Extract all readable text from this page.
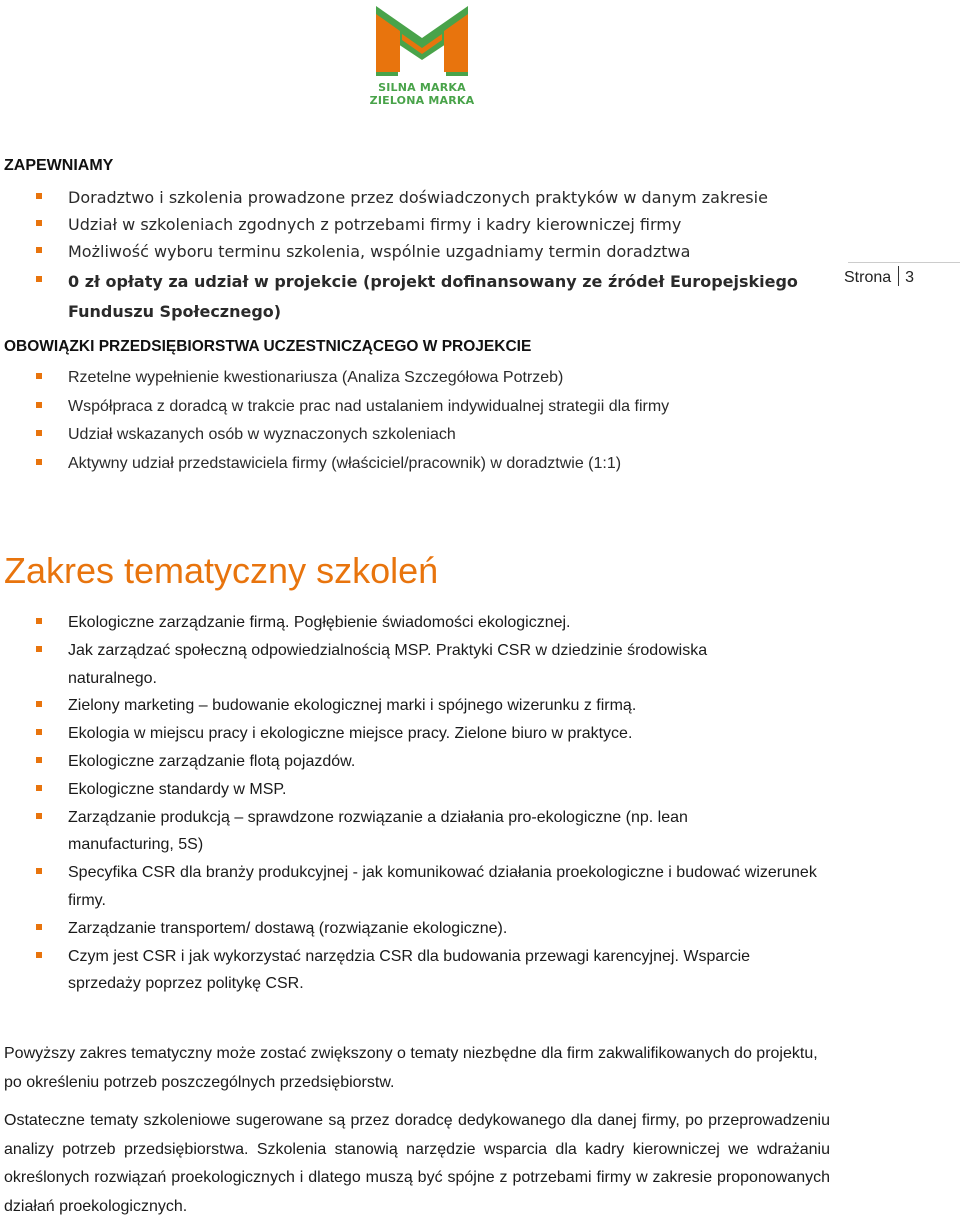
SILNA MARKA
ZIELONA MARKA
Strona 3
ZAPEWNIAMY
Doradztwo i szkolenia prowadzone przez doświadczonych praktyków w danym zakresie
Udział w szkoleniach zgodnych z potrzebami firmy i kadry kierowniczej firmy
Możliwość wyboru terminu szkolenia, wspólnie uzgadniamy termin doradztwa
0 zł opłaty za udział w projekcie (projekt dofinansowany ze źródeł Europejskiego Funduszu Społecznego)
OBOWIĄZKI PRZEDSIĘBIORSTWA UCZESTNICZĄCEGO W PROJEKCIE
Rzetelne wypełnienie kwestionariusza (Analiza Szczegółowa Potrzeb)
Współpraca z doradcą w trakcie prac nad ustalaniem indywidualnej strategii dla firmy
Udział wskazanych osób w wyznaczonych szkoleniach
Aktywny udział przedstawiciela firmy (właściciel/pracownik) w doradztwie (1:1)
Zakres tematyczny szkoleń
Ekologiczne zarządzanie firmą. Pogłębienie świadomości ekologicznej.
Jak zarządzać społeczną odpowiedzialnością MSP. Praktyki CSR w dziedzinie środowiska naturalnego.
Zielony marketing – budowanie ekologicznej marki i spójnego wizerunku z firmą.
Ekologia w miejscu pracy i ekologiczne miejsce pracy. Zielone biuro w praktyce.
Ekologiczne zarządzanie flotą pojazdów.
Ekologiczne standardy w MSP.
Zarządzanie produkcją – sprawdzone rozwiązanie a działania pro-ekologiczne (np. lean manufacturing, 5S)
Specyfika CSR dla branży produkcyjnej - jak komunikować działania proekologiczne i budować wizerunek firmy.
Zarządzanie transportem/ dostawą (rozwiązanie ekologiczne).
Czym jest CSR i jak wykorzystać narzędzia CSR dla budowania przewagi karencyjnej. Wsparcie sprzedaży poprzez politykę CSR.

Powyższy zakres tematyczny może zostać zwiększony o tematy niezbędne dla firm zakwalifikowanych do projektu, po określeniu potrzeb poszczególnych przedsiębiorstw.

Ostateczne tematy szkoleniowe sugerowane są przez doradcę dedykowanego dla danej firmy, po przeprowadzeniu analizy potrzeb przedsiębiorstwa. Szkolenia stanowią narzędzie wsparcia dla kadry kierowniczej we wdrażaniu określonych rozwiązań proekologicznych i dlatego muszą być spójne z potrzebami firmy w zakresie proponowanych działań proekologicznych.
